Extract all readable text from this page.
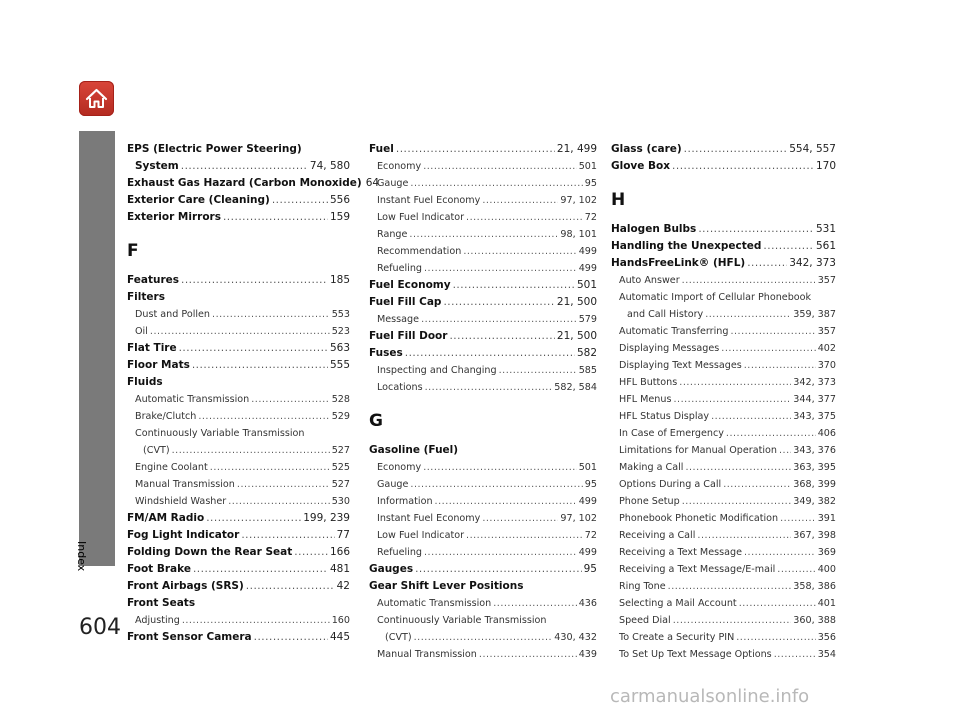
Index
EPS (Electric Power Steering)
System .....	74, 580
Exhaust Gas Hazard (Carbon Monoxide) 64
Exterior Care (Cleaning) .....	556
Exterior Mirrors .....	159
F
Features .....	185
Filters
Dust and Pollen .....	553
Oil .....	523
Flat Tire .....	563
Floor Mats .....	555
Fluids
Automatic Transmission .....	528
Brake/Clutch .....	529
Continuously Variable Transmission
(CVT) .....	527
Engine Coolant .....	525
Manual Transmission .....	527
Windshield Washer .....	530
FM/AM Radio .....	199, 239
Fog Light Indicator .....	77
Folding Down the Rear Seat .....	166
Foot Brake .....	481
Front Airbags (SRS) .....	42
Front Seats
Adjusting .....	160
Front Sensor Camera .....	445
Fuel .....	21, 499
Economy .....	501
Gauge .....	95
Instant Fuel Economy .....	97, 102
Low Fuel Indicator .....	72
Range .....	98, 101
Recommendation .....	499
Refueling .....	499
Fuel Economy .....	501
Fuel Fill Cap .....	21, 500
Message .....	579
Fuel Fill Door .....	21, 500
Fuses .....	582
Inspecting and Changing .....	585
Locations .....	582, 584
G
Gasoline (Fuel)
Economy .....	501
Gauge .....	95
Information .....	499
Instant Fuel Economy .....	97, 102
Low Fuel Indicator .....	72
Refueling .....	499
Gauges .....	95
Gear Shift Lever Positions
Automatic Transmission .....	436
Continuously Variable Transmission
(CVT) .....	430, 432
Manual Transmission .....	439
Glass (care) .....	554, 557
Glove Box .....	170
H
Halogen Bulbs .....	531
Handling the Unexpected .....	561
HandsFreeLink® (HFL) .....	342, 373
Auto Answer .....	357
Automatic Import of Cellular Phonebook
and Call History .....	359, 387
Automatic Transferring .....	357
Displaying Messages .....	402
Displaying Text Messages .....	370
HFL Buttons .....	342, 373
HFL Menus .....	344, 377
HFL Status Display .....	343, 375
In Case of Emergency .....	406
Limitations for Manual Operation ..... 343, 376
Making a Call .....	363, 395
Options During a Call .....	368, 399
Phone Setup .....	349, 382
Phonebook Phonetic Modification .....	391
Receiving a Call .....	367, 398
Receiving a Text Message .....	369
Receiving a Text Message/E-mail .....	400
Ring Tone .....	358, 386
Selecting a Mail Account .....	401
Speed Dial .....	360, 388
To Create a Security PIN .....	356
To Set Up Text Message Options .....	354
604
carmanualsonline.info
